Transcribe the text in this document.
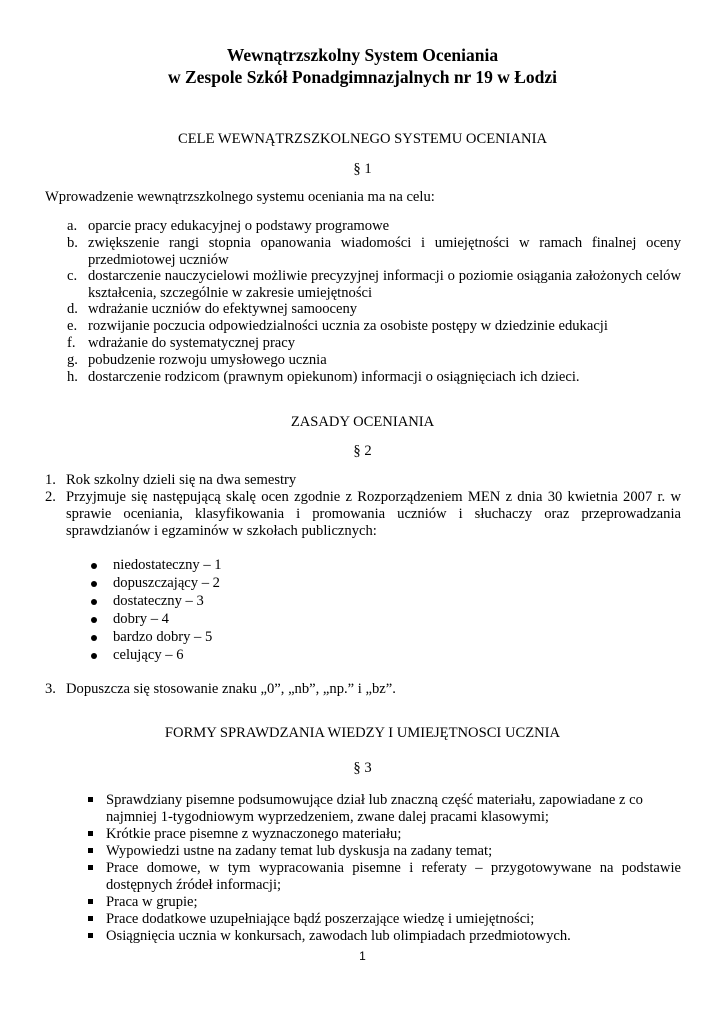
Wewnątrzszkolny System Oceniania
w Zespole Szkół Ponadgimnazjalnych nr 19 w Łodzi
CELE WEWNĄTRZSZKOLNEGO SYSTEMU OCENIANIA
§ 1
Wprowadzenie wewnątrzszkolnego systemu oceniania ma na celu:
a. oparcie pracy edukacyjnej o podstawy programowe
b. zwiększenie rangi stopnia opanowania wiadomości i umiejętności w ramach finalnej oceny przedmiotowej uczniów
c. dostarczenie nauczycielowi możliwie precyzyjnej informacji o poziomie osiągania założonych celów kształcenia, szczególnie w zakresie umiejętności
d. wdrażanie uczniów do efektywnej samooceny
e. rozwijanie poczucia odpowiedzialności ucznia za osobiste postępy w dziedzinie edukacji
f. wdrażanie do systematycznej pracy
g. pobudzenie rozwoju umysłowego ucznia
h. dostarczenie rodzicom (prawnym opiekunom) informacji o osiągnięciach ich dzieci.
ZASADY OCENIANIA
§ 2
1. Rok szkolny dzieli się na dwa semestry
2. Przyjmuje się następującą skalę ocen zgodnie z Rozporządzeniem MEN z dnia 30 kwietnia 2007 r. w sprawie oceniania, klasyfikowania i promowania uczniów i słuchaczy oraz przeprowadzania sprawdzianów i egzaminów w szkołach publicznych:
niedostateczny – 1
dopuszczający – 2
dostateczny – 3
dobry – 4
bardzo dobry – 5
celujący – 6
3. Dopuszcza się stosowanie znaku „0”, „nb”, „np.” i „bz”.
FORMY SPRAWDZANIA WIEDZY I UMIEJĘTNOSCI UCZNIA
§ 3
Sprawdziany pisemne podsumowujące dział lub znaczną część materiału, zapowiadane z co najmniej 1-tygodniowym wyprzedzeniem, zwane dalej pracami klasowymi;
Krótkie prace pisemne z wyznaczonego materiału;
Wypowiedzi ustne na zadany temat lub dyskusja na zadany temat;
Prace domowe, w tym wypracowania pisemne i referaty – przygotowywane na podstawie dostępnych źródeł informacji;
Praca w grupie;
Prace dodatkowe uzupełniające bądź poszerzające wiedzę i umiejętności;
Osiągnięcia ucznia w konkursach, zawodach lub olimpiadach przedmiotowych.
1
